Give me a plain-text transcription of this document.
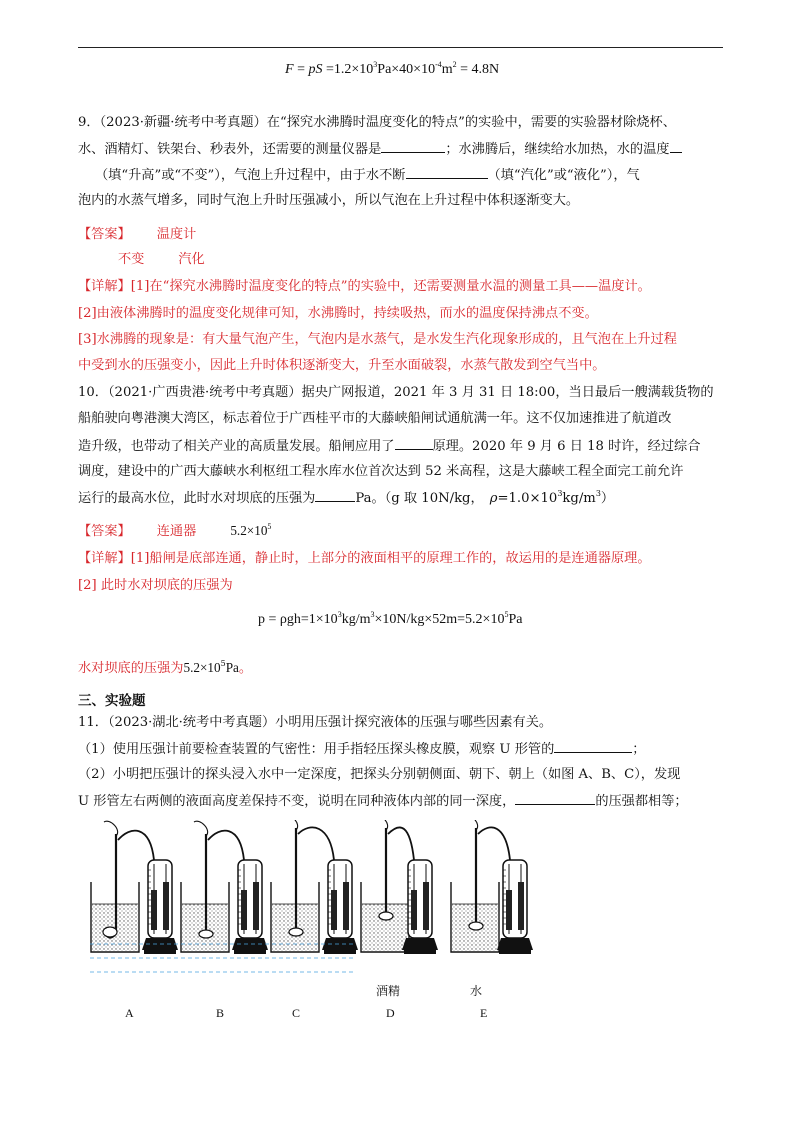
F = pS $=1.2\times 10^3Pa\times 40\times 10^{-4}m^2 = 4.8N$
9．（2023·新疆·统考中考真题）在“探究水沸腾时温度变化的特点”的实验中，需要的实验器材除烧杯、
水、酒精灯、铁架台、秒表外，还需要的测量仪器是	；水沸腾后，继续给水加热，水的温度
（填“升高”或“不变”），气泡上升过程中，由于水不断	（填“汽化”或“液化”），气
泡内的水蒸气增多，同时气泡上升时压强减小，所以气泡在上升过程中体积逐渐变大。
【答案】 温度计
不变	汽化
【详解】[1]在“探究水沸腾时温度变化的特点”的实验中，还需要测量水温的测量工具——温度计。
[2]由液体沸腾时的温度变化规律可知，水沸腾时，持续吸热，而水的温度保持沸点不变。
[3]水沸腾的现象是：有大量气泡产生，气泡内是水蒸气，是水发生汽化现象形成的，且气泡在上升过程
中受到水的压强变小，因此上升时体积逐渐变大，升至水面破裂，水蒸气散发到空气当中。
10．（2021·广西贵港·统考中考真题）据央广网报道，2021 年 3 月 31 日 18:00，当日最后一艘满载货物的
船舶驶向粤港澳大湾区，标志着位于广西桂平市的大藤峡船闸试通航满一年。这不仅加速推进了航道改
造升级，也带动了相关产业的高质量发展。船闸应用了	原理。2020 年 9 月 6 日 18 时许，经过综合
调度，建设中的广西大藤峡水利枢纽工程水库水位首次达到 52 米高程，这是大藤峡工程全面完工前允许
运行的最高水位，此时水对坝底的压强为	Pa。（g 取 10N/kg， $\rho=1.0\times 10^3kg/m^3$）
【答案】 连通器	$5.2\times 10^5$
【详解】[1]船闸是底部连通，静止时，上部分的液面相平的原理工作的，故运用的是连通器原理。
[2] 此时水对坝底的压强为
$p = \rho gh=1\times 10^3kg/m^3\times 10N/kg\times 52m=5.2\times 10^5Pa$
水对坝底的压强为$5.2\times 10^5Pa$。
三、实验题
11．（2023·湖北·统考中考真题）小明用压强计探究液体的压强与哪些因素有关。
（1）使用压强计前要检查装置的气密性：用手指轻压探头橡皮膜，观察 U 形管的	；
（2）小明把压强计的探头浸入水中一定深度，把探头分别朝侧面、朝下、朝上（如图 A、B、C），发现
U 形管左右两侧的液面高度差保持不变，说明在同种液体内部的同一深度，	的压强都相等；
酒精	水
A	B	C	D	E
